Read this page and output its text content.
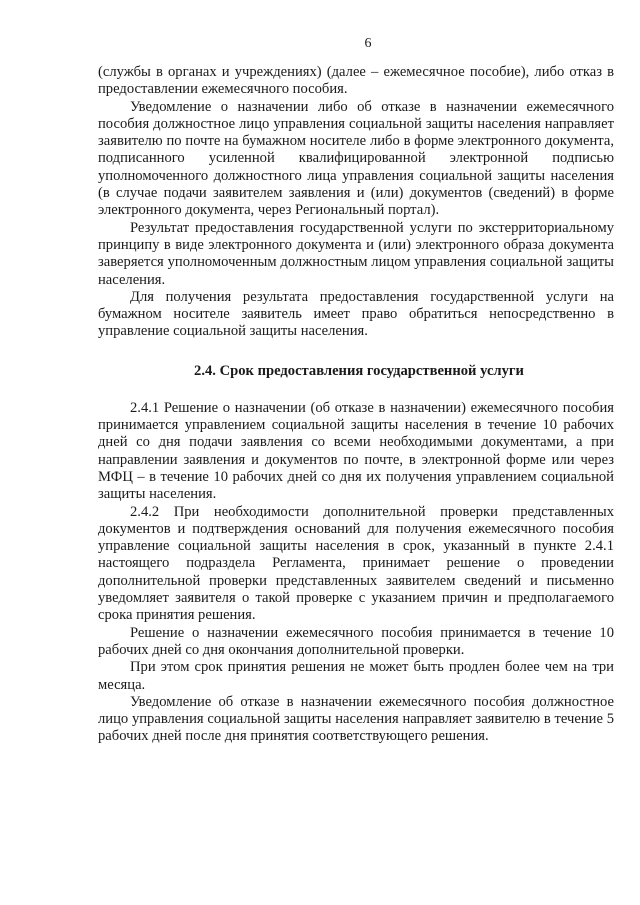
6

(службы в органах и учреждениях) (далее – ежемесячное пособие), либо отказ в предоставлении ежемесячного пособия.

Уведомление о назначении либо об отказе в назначении ежемесячного пособия должностное лицо управления социальной защиты населения направляет заявителю по почте на бумажном носителе либо в форме электронного документа, подписанного усиленной квалифицированной электронной подписью уполномоченного должностного лица управления социальной защиты населения (в случае подачи заявителем заявления и (или) документов (сведений) в форме электронного документа, через Региональный портал).

Результат предоставления государственной услуги по экстерриториальному принципу в виде электронного документа и (или) электронного образа документа заверяется уполномоченным должностным лицом управления социальной защиты населения.

Для получения результата предоставления государственной услуги на бумажном носителе заявитель имеет право обратиться непосредственно в управление социальной защиты населения.

2.4. Срок предоставления государственной услуги

2.4.1 Решение о назначении (об отказе в назначении) ежемесячного пособия принимается управлением социальной защиты населения в течение 10 рабочих дней со дня подачи заявления со всеми необходимыми документами, а при направлении заявления и документов по почте, в электронной форме или через МФЦ – в течение 10 рабочих дней со дня их получения управлением социальной защиты населения.

2.4.2 При необходимости дополнительной проверки представленных документов и подтверждения оснований для получения ежемесячного пособия управление социальной защиты населения в срок, указанный в пункте 2.4.1 настоящего подраздела Регламента, принимает решение о проведении дополнительной проверки представленных заявителем сведений и письменно уведомляет заявителя о такой проверке с указанием причин и предполагаемого срока принятия решения.

Решение о назначении ежемесячного пособия принимается в течение 10 рабочих дней со дня окончания дополнительной проверки.

При этом срок принятия решения не может быть продлен более чем на три месяца.

Уведомление об отказе в назначении ежемесячного пособия должностное лицо управления социальной защиты населения направляет заявителю в течение 5 рабочих дней после дня принятия соответствующего решения.
